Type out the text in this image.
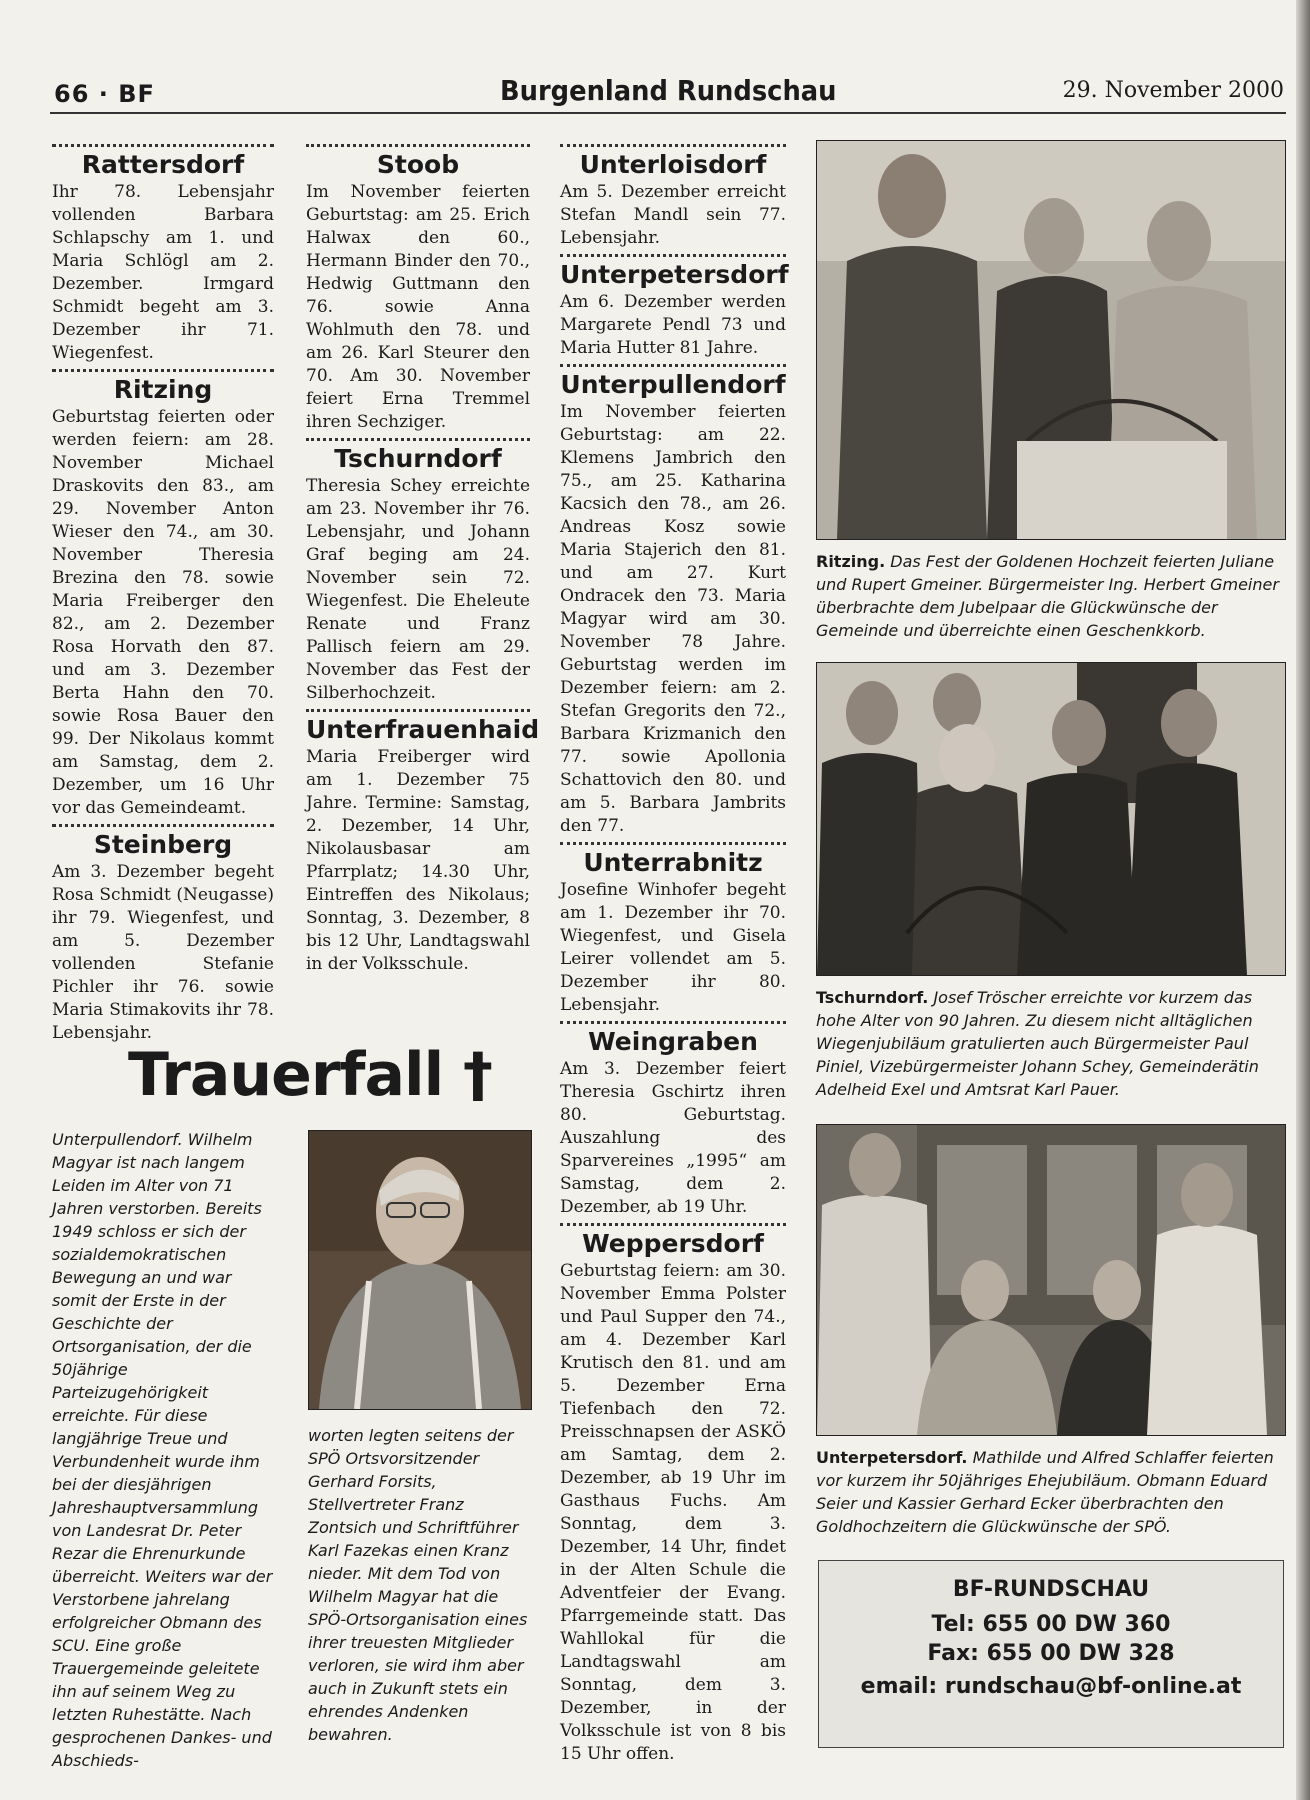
66 · BF	Burgenland Rundschau	29. November 2000
Rattersdorf

Ihr 78. Lebensjahr vollenden Barbara Schlapschy am 1. und Maria Schlögl am 2. Dezember. Irmgard Schmidt begeht am 3. Dezember ihr 71. Wiegenfest.

Ritzing

Geburtstag feierten oder werden feiern: am 28. November Michael Draskovits den 83., am 29. November Anton Wieser den 74., am 30. November Theresia Brezina den 78. sowie Maria Freiberger den 82., am 2. Dezember Rosa Horvath den 87. und am 3. Dezember Berta Hahn den 70. sowie Rosa Bauer den 99. Der Nikolaus kommt am Samstag, dem 2. Dezember, um 16 Uhr vor das Gemeindeamt.

Steinberg

Am 3. Dezember begeht Rosa Schmidt (Neugasse) ihr 79. Wiegenfest, und am 5. Dezember vollenden Stefanie Pichler ihr 76. sowie Maria Stimakovits ihr 78. Lebensjahr.

Stoob

Im November feierten Geburtstag: am 25. Erich Halwax den 60., Hermann Binder den 70., Hedwig Guttmann den 76. sowie Anna Wohlmuth den 78. und am 26. Karl Steurer den 70. Am 30. November feiert Erna Tremmel ihren Sechziger.

Tschurndorf

Theresia Schey erreichte am 23. November ihr 76. Lebensjahr, und Johann Graf beging am 24. November sein 72. Wiegenfest. Die Eheleute Renate und Franz Pallisch feiern am 29. November das Fest der Silberhochzeit.

Unterfrauenhaid

Maria Freiberger wird am 1. Dezember 75 Jahre. Termine: Samstag, 2. Dezember, 14 Uhr, Nikolausbasar am Pfarrplatz; 14.30 Uhr, Eintreffen des Nikolaus; Sonntag, 3. Dezember, 8 bis 12 Uhr, Landtagswahl in der Volksschule.

Unterloisdorf

Am 5. Dezember erreicht Stefan Mandl sein 77. Lebensjahr.

Unterpetersdorf

Am 6. Dezember werden Margarete Pendl 73 und Maria Hutter 81 Jahre.

Unterpullendorf

Im November feierten Geburtstag: am 22. Klemens Jambrich den 75., am 25. Katharina Kacsich den 78., am 26. Andreas Kosz sowie Maria Stajerich den 81. und am 27. Kurt Ondracek den 73. Maria Magyar wird am 30. November 78 Jahre. Geburtstag werden im Dezember feiern: am 2. Stefan Gregorits den 72., Barbara Krizmanich den 77. sowie Apollonia Schattovich den 80. und am 5. Barbara Jambrits den 77.

Unterrabnitz

Josefine Winhofer begeht am 1. Dezember ihr 70. Wiegenfest, und Gisela Leirer vollendet am 5. Dezember ihr 80. Lebensjahr.

Weingraben

Am 3. Dezember feiert Theresia Gschirtz ihren 80. Geburtstag. Auszahlung des Sparvereines „1995“ am Samstag, dem 2. Dezember, ab 19 Uhr.

Weppersdorf

Geburtstag feiern: am 30. November Emma Polster und Paul Supper den 74., am 4. Dezember Karl Krutisch den 81. und am 5. Dezember Erna Tiefenbach den 72. Preisschnapsen der ASKÖ am Samtag, dem 2. Dezember, ab 19 Uhr im Gasthaus Fuchs. Am Sonntag, dem 3. Dezember, 14 Uhr, findet in der Alten Schule die Adventfeier der Evang. Pfarrgemeinde statt. Das Wahllokal für die Landtagswahl am Sonntag, dem 3. Dezember, in der Volksschule ist von 8 bis 15 Uhr offen.

Trauerfall †
Unterpullendorf. Wilhelm Magyar ist nach langem Leiden im Alter von 71 Jahren verstorben. Bereits 1949 schloss er sich der sozialdemokratischen Bewegung an und war somit der Erste in der Geschichte der Ortsorganisation, der die 50jährige Parteizugehörigkeit erreichte. Für diese langjährige Treue und Verbundenheit wurde ihm bei der diesjährigen Jahreshauptversammlung von Landesrat Dr. Peter Rezar die Ehrenurkunde überreicht. Weiters war der Verstorbene jahrelang erfolgreicher Obmann des SCU. Eine große Trauergemeinde geleitete ihn auf seinem Weg zu letzten Ruhestätte. Nach gesprochenen Dankes- und Abschieds-
worten legten seitens der SPÖ Ortsvorsitzender Gerhard Forsits, Stellvertreter Franz Zontsich und Schriftführer Karl Fazekas einen Kranz nieder. Mit dem Tod von Wilhelm Magyar hat die SPÖ-Ortsorganisation eines ihrer treuesten Mitglieder verloren, sie wird ihm aber auch in Zukunft stets ein ehrendes Andenken bewahren.
Ritzing. Das Fest der Goldenen Hochzeit feierten Juliane und Rupert Gmeiner. Bürgermeister Ing. Herbert Gmeiner überbrachte dem Jubelpaar die Glückwünsche der Gemeinde und überreichte einen Geschenkkorb.
Tschurndorf. Josef Tröscher erreichte vor kurzem das hohe Alter von 90 Jahren. Zu diesem nicht alltäglichen Wiegenjubiläum gratulierten auch Bürgermeister Paul Piniel, Vizebürgermeister Johann Schey, Gemeinderätin Adelheid Exel und Amtsrat Karl Pauer.
Unterpetersdorf. Mathilde und Alfred Schlaffer feierten vor kurzem ihr 50jähriges Ehejubiläum. Obmann Eduard Seier und Kassier Gerhard Ecker überbrachten den Goldhochzeitern die Glückwünsche der SPÖ.
BF-RUNDSCHAU
Tel: 655 00 DW 360
Fax: 655 00 DW 328
email: rundschau@bf-online.at
